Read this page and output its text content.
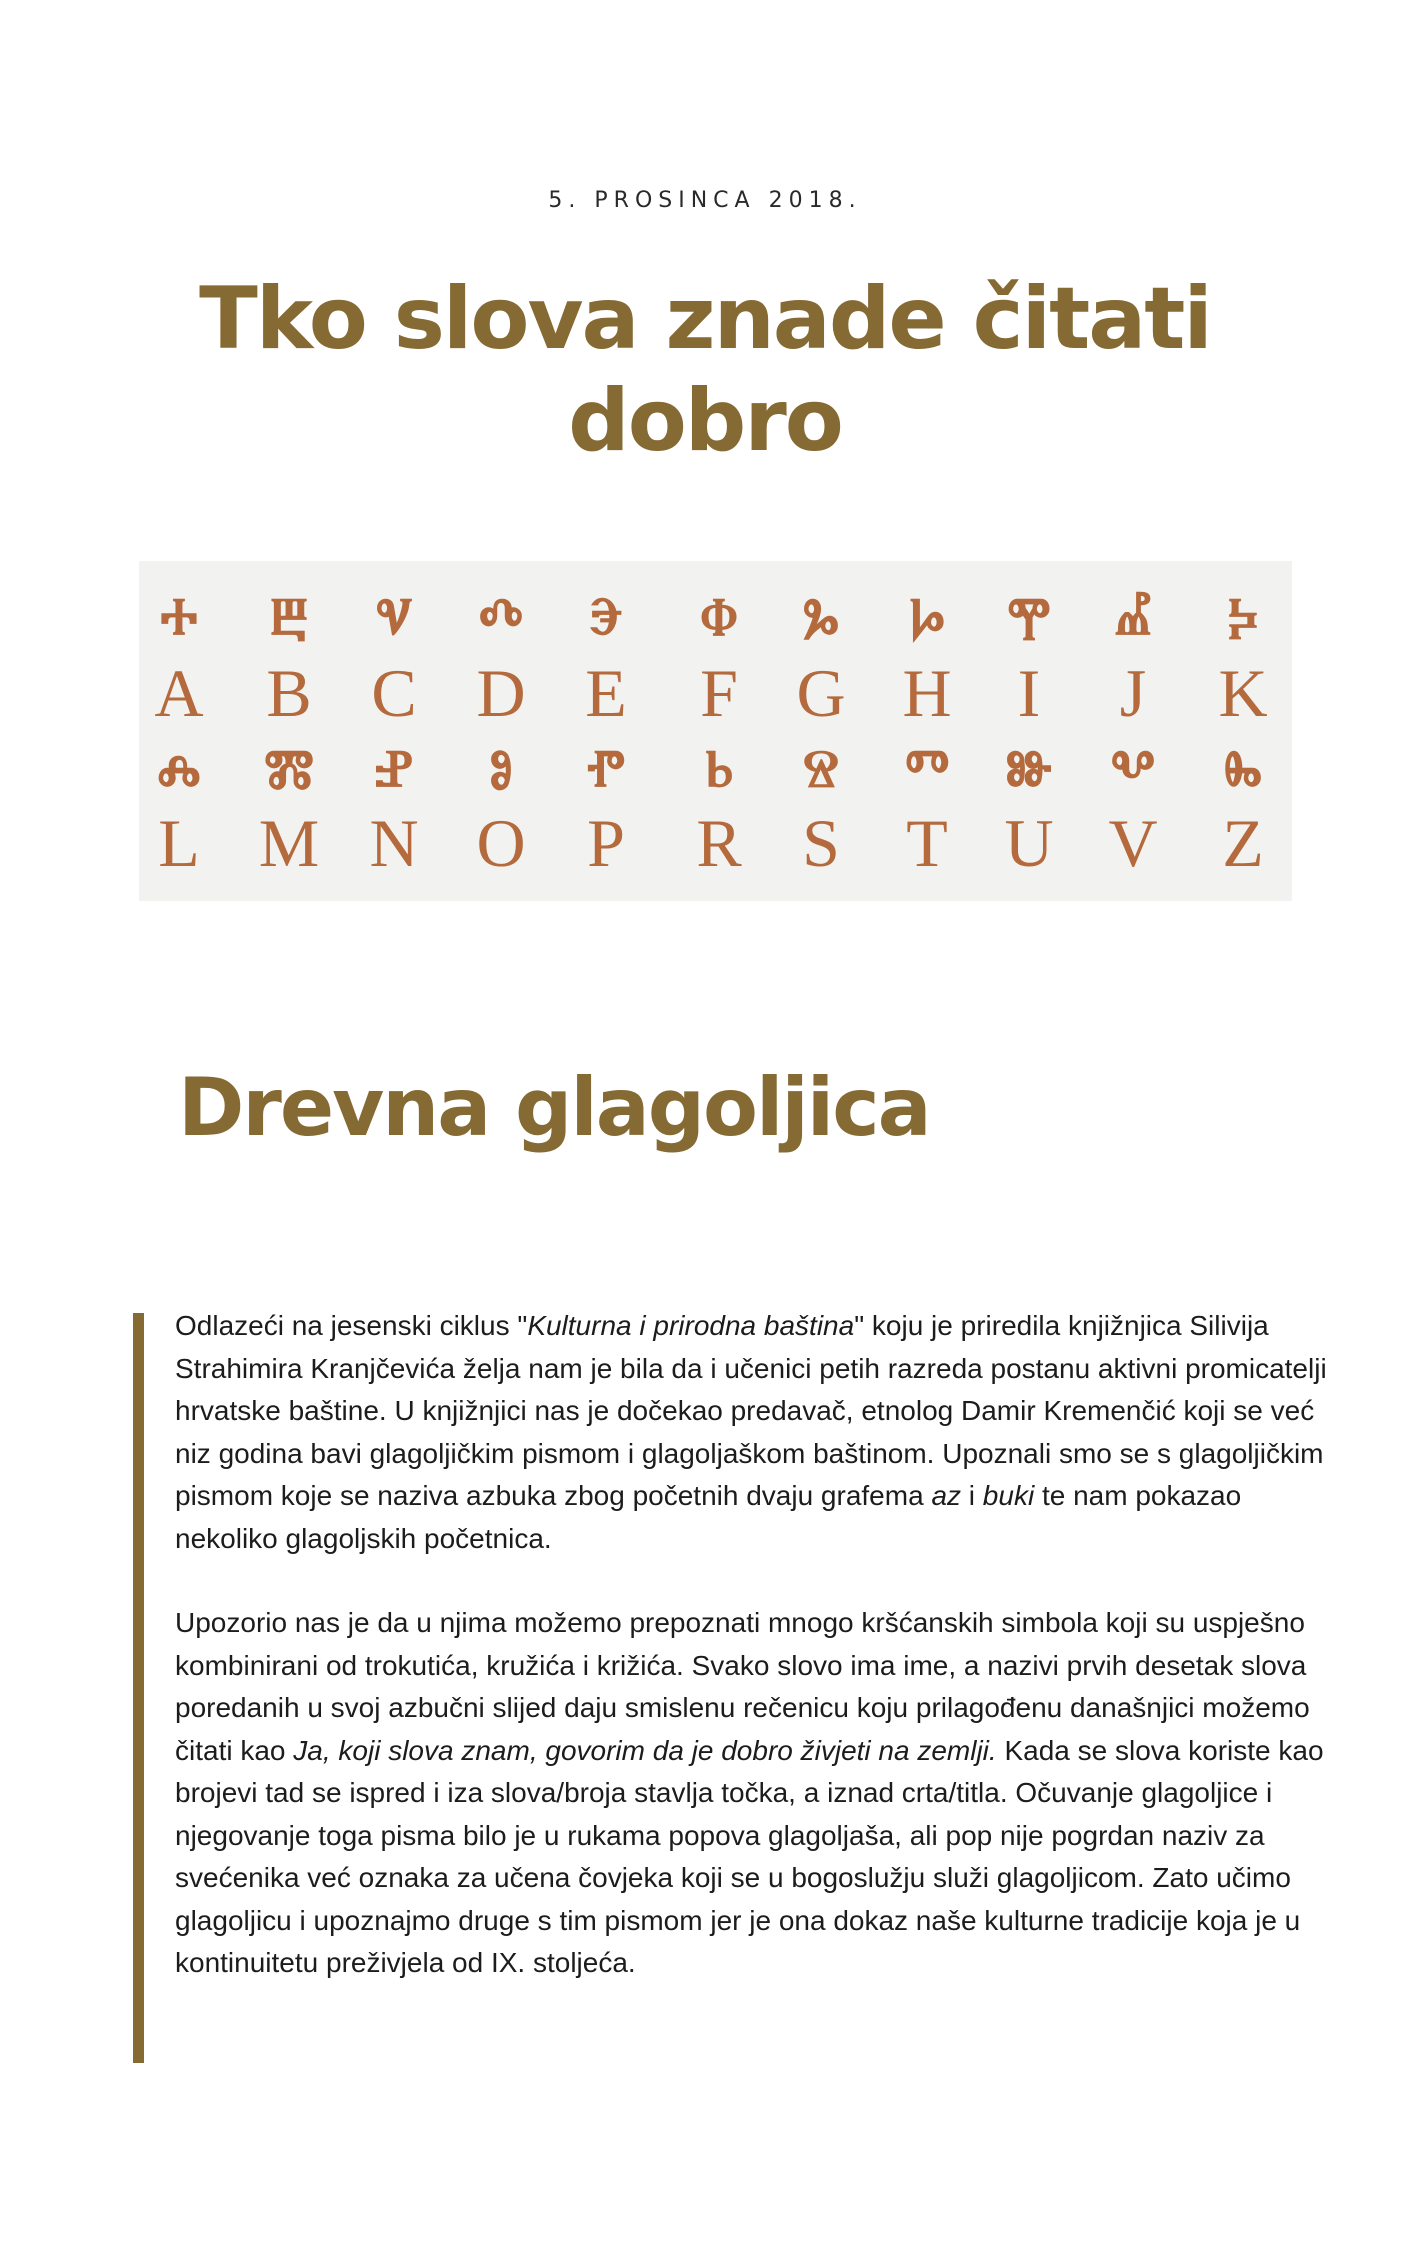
5. PROSINCA 2018.
Tko slova znade čitati dobro
Ⰰ Ⰱ Ⱌ Ⰴ Ⰵ Ⱇ Ⰳ Ⱈ Ⰹ Ⰼ Ⰽ
A B C D E F G H I J K
Ⰾ Ⰿ Ⱀ Ⱁ Ⱂ Ⱃ Ⱄ Ⱅ Ⱆ Ⰲ Ⰸ
L M N O P R S T U V Z
Drevna glagoljica

Odlazeći na jesenski ciklus "Kulturna i prirodna baština" koju je priredila knjižnjica Silivija Strahimira Kranjčevića želja nam je bila da i učenici petih razreda postanu aktivni promicatelji hrvatske baštine. U knjižnjici nas je dočekao predavač, etnolog Damir Kremenčić koji se već niz godina bavi glagoljičkim pismom i glagoljaškom baštinom. Upoznali smo se s glagoljičkim pismom koje se naziva azbuka zbog početnih dvaju grafema az i buki te nam pokazao nekoliko glagoljskih početnica.

Upozorio nas je da u njima možemo prepoznati mnogo kršćanskih simbola koji su uspješno kombinirani od trokutića, kružića i križića. Svako slovo ima ime, a nazivi prvih desetak slova poredanih u svoj azbučni slijed daju smislenu rečenicu koju prilagođenu današnjici možemo čitati kao Ja, koji slova znam, govorim da je dobro živjeti na zemlji. Kada se slova koriste kao brojevi tad se ispred i iza slova/broja stavlja točka, a iznad crta/titla. Očuvanje glagoljice i njegovanje toga pisma bilo je u rukama popova glagoljaša, ali pop nije pogrdan naziv za svećenika već oznaka za učena čovjeka koji se u bogoslužju služi glagoljicom. Zato učimo glagoljicu i upoznajmo druge s tim pismom jer je ona dokaz naše kulturne tradicije koja je u kontinuitetu preživjela od IX. stoljeća.
